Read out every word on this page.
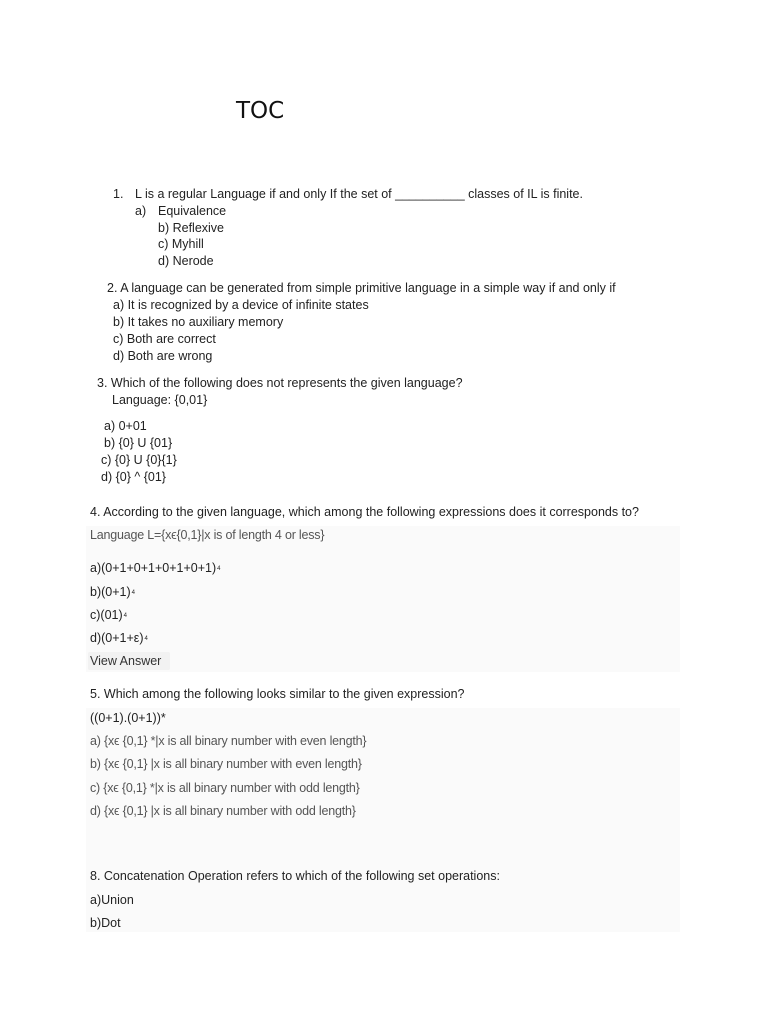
TOC
1. L is a regular Language if and only If the set of __________ classes of IL is finite.
a) Equivalence
b) Reflexive
c) Myhill
d) Nerode
2. A language can be generated from simple primitive language in a simple way if and only if
a) It is recognized by a device of infinite states
b) It takes no auxiliary memory
c) Both are correct
d) Both are wrong
3. Which of the following does not represents the given language?
Language: {0,01}
a) 0+01
b) {0} U {01}
c) {0} U {0}{1}
d) {0} ^ {01}
4. According to the given language, which among the following expressions does it corresponds to?
Language L={xϵ{0,1}|x is of length 4 or less}
$a)(0+1+0+1+0+1+0+1)^4$
$b)(0+1)^4$
$c)(01)^4$
$d)(0+1+\varepsilon)^4$
View Answer
5. Which among the following looks similar to the given expression?
((0+1).(0+1))*
a) {xϵ {0,1} *|x is all binary number with even length}
b) {xϵ {0,1} |x is all binary number with even length}
c) {xϵ {0,1} *|x is all binary number with odd length}
d) {xϵ {0,1} |x is all binary number with odd length}
8. Concatenation Operation refers to which of the following set operations:
a)Union
b)Dot
